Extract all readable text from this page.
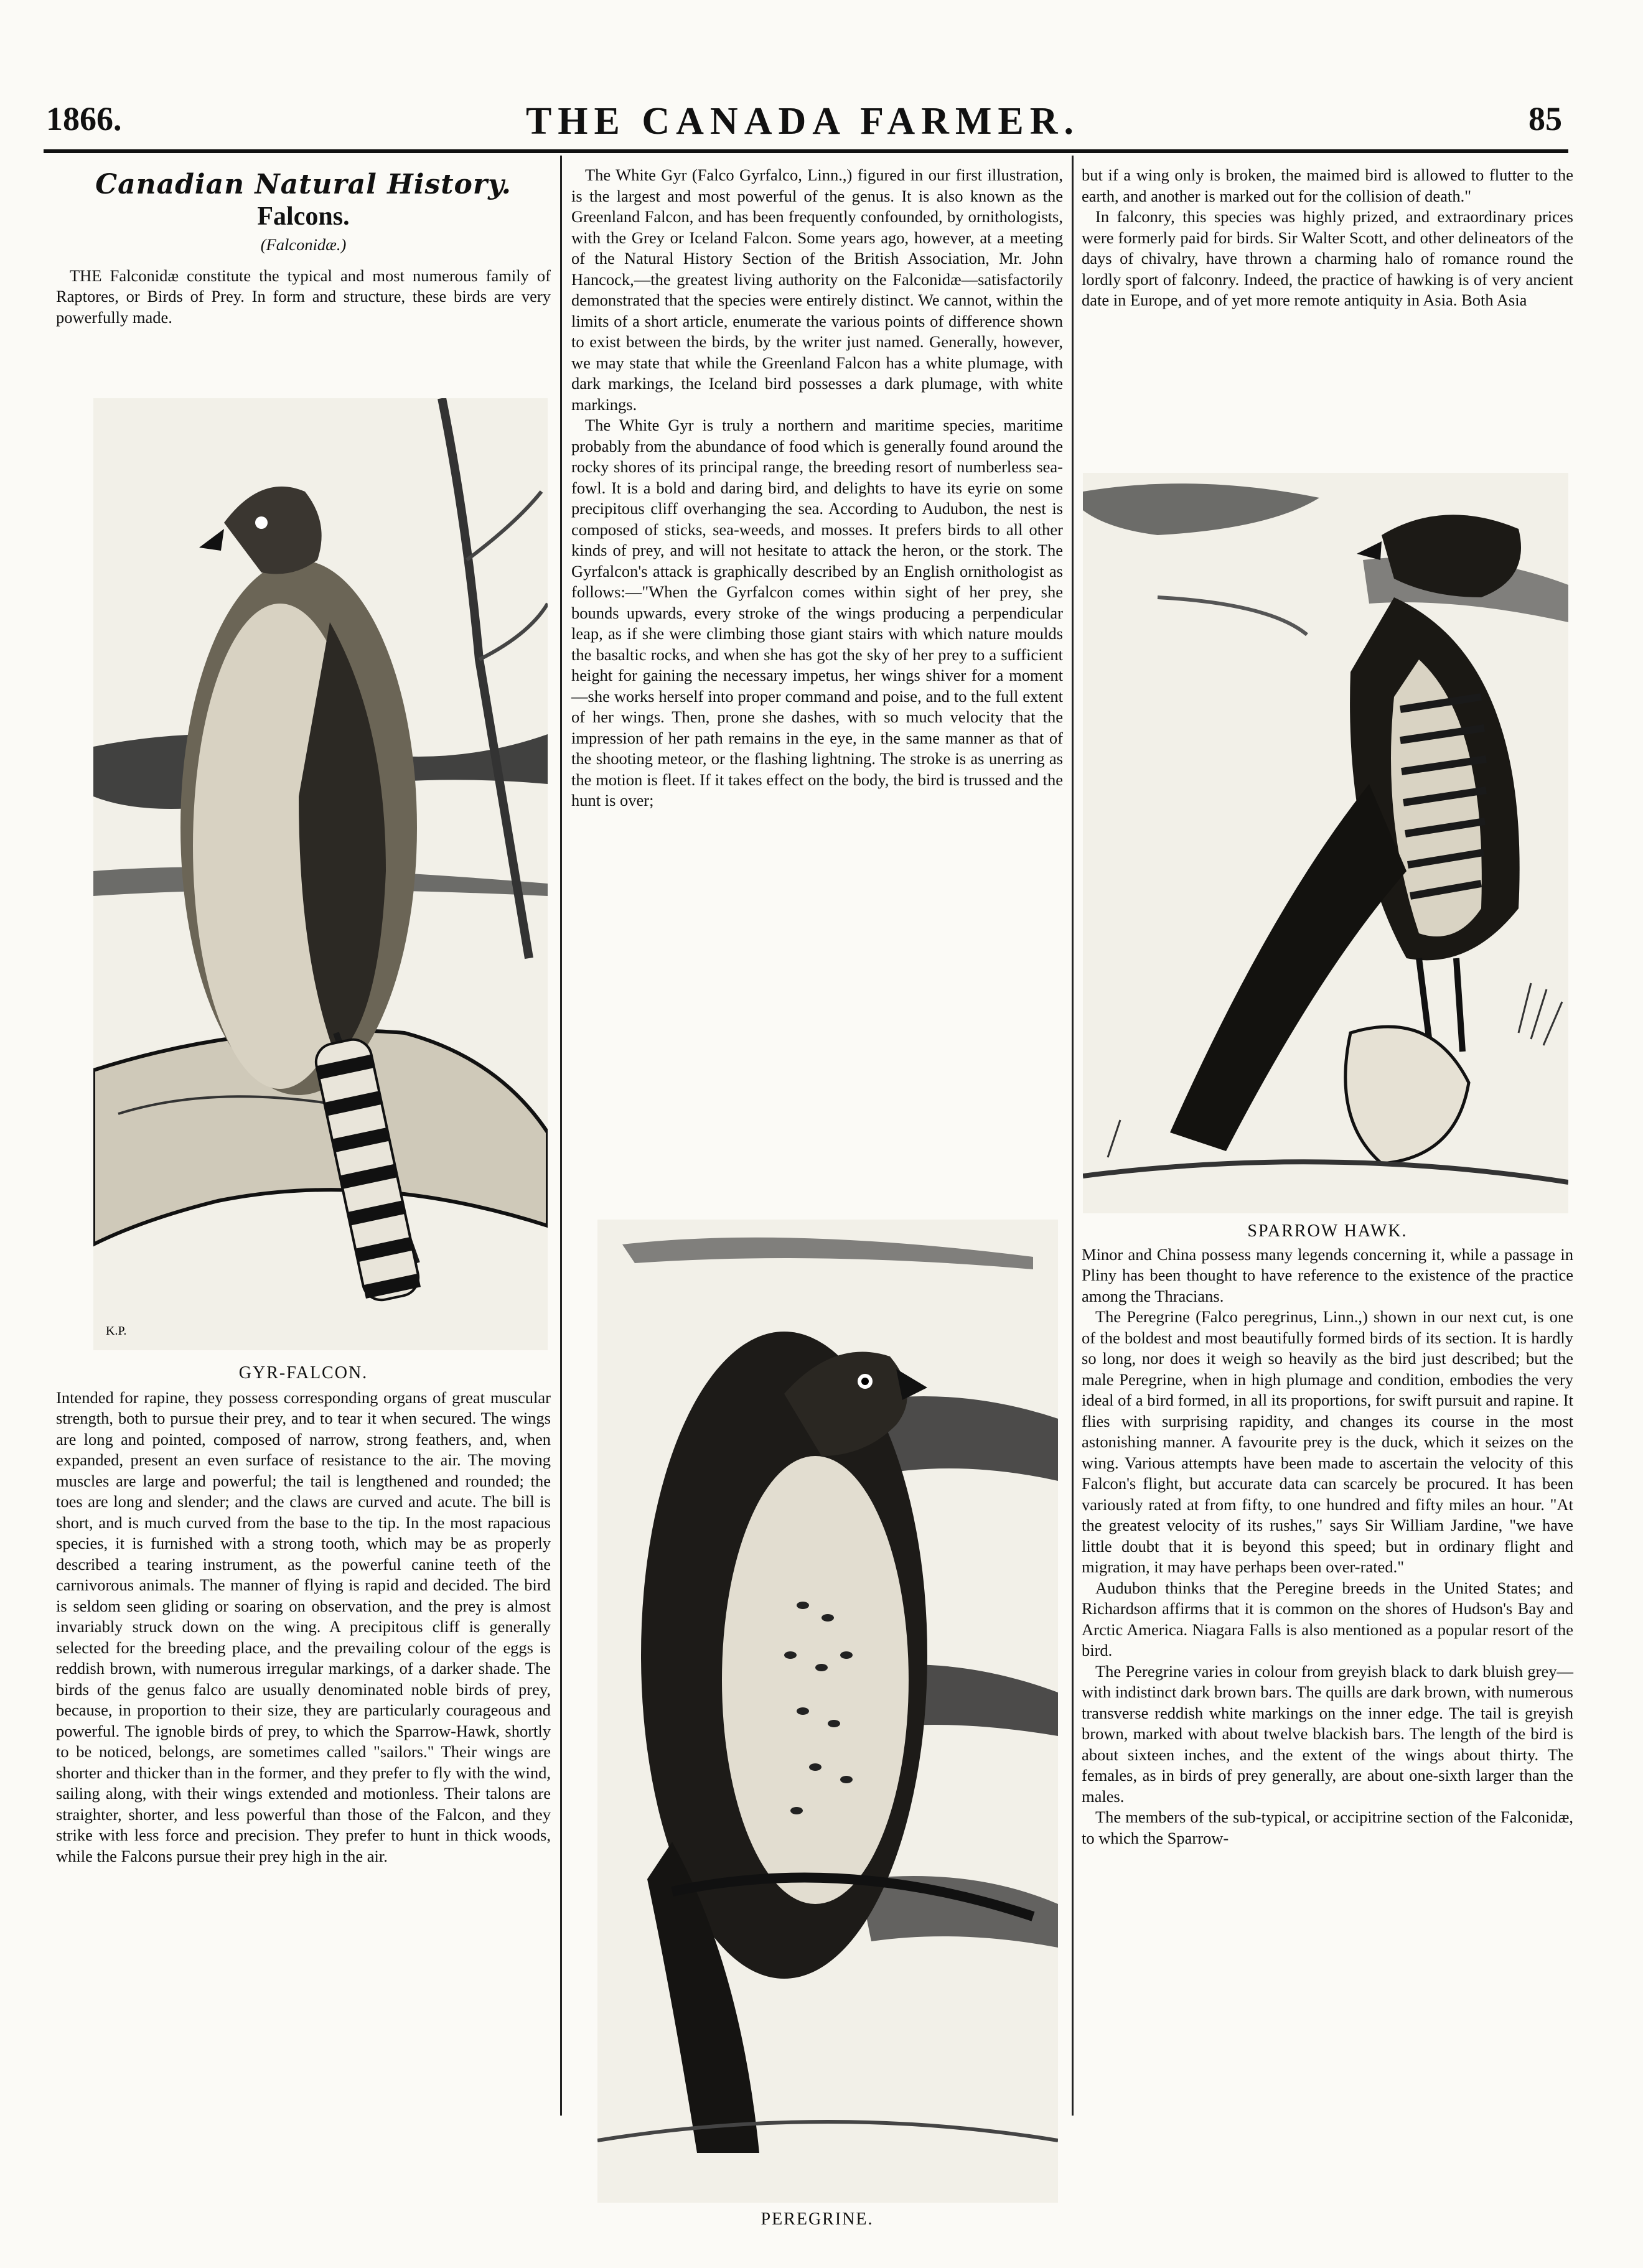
1866.	THE CANADA FARMER.	85
Canadian Natural History.
Falcons.
(Falconidæ.)

THE Falconidæ constitute the typical and most numerous family of Raptores, or Birds of Prey. In form and structure, these birds are very powerfully made.

K.P.
GYR-FALCON.

Intended for rapine, they possess corresponding organs of great muscular strength, both to pursue their prey, and to tear it when secured. The wings are long and pointed, composed of narrow, strong feathers, and, when expanded, present an even surface of resistance to the air. The moving muscles are large and powerful; the tail is lengthened and rounded; the toes are long and slender; and the claws are curved and acute. The bill is short, and is much curved from the base to the tip. In the most rapacious species, it is furnished with a strong tooth, which may be as properly described a tearing instrument, as the powerful canine teeth of the carnivorous animals. The manner of flying is rapid and decided. The bird is seldom seen gliding or soaring on observation, and the prey is almost invariably struck down on the wing. A precipitous cliff is generally selected for the breeding place, and the prevailing colour of the eggs is reddish brown, with numerous irregular markings, of a darker shade. The birds of the genus falco are usually denominated noble birds of prey, because, in proportion to their size, they are particularly courageous and powerful. The ignoble birds of prey, to which the Sparrow-Hawk, shortly to be noticed, belongs, are sometimes called "sailors." Their wings are shorter and thicker than in the former, and they prefer to fly with the wind, sailing along, with their wings extended and motionless. Their talons are straighter, shorter, and less powerful than those of the Falcon, and they strike with less force and precision. They prefer to hunt in thick woods, while the Falcons pursue their prey high in the air.

The White Gyr (Falco Gyrfalco, Linn.,) figured in our first illustration, is the largest and most powerful of the genus. It is also known as the Greenland Falcon, and has been frequently confounded, by ornithologists, with the Grey or Iceland Falcon. Some years ago, however, at a meeting of the Natural History Section of the British Association, Mr. John Hancock,—the greatest living authority on the Falconidæ—satisfactorily demonstrated that the species were entirely distinct. We cannot, within the limits of a short article, enumerate the various points of difference shown to exist between the birds, by the writer just named. Generally, however, we may state that while the Greenland Falcon has a white plumage, with dark markings, the Iceland bird possesses a dark plumage, with white markings.

The White Gyr is truly a northern and maritime species, maritime probably from the abundance of food which is generally found around the rocky shores of its principal range, the breeding resort of numberless sea-fowl. It is a bold and daring bird, and delights to have its eyrie on some precipitous cliff overhanging the sea. According to Audubon, the nest is composed of sticks, sea-weeds, and mosses. It prefers birds to all other kinds of prey, and will not hesitate to attack the heron, or the stork. The Gyrfalcon's attack is graphically described by an English ornithologist as follows:—"When the Gyrfalcon comes within sight of her prey, she bounds upwards, every stroke of the wings producing a perpendicular leap, as if she were climbing those giant stairs with which nature moulds the basaltic rocks, and when she has got the sky of her prey to a sufficient height for gaining the necessary impetus, her wings shiver for a moment—she works herself into proper command and poise, and to the full extent of her wings. Then, prone she dashes, with so much velocity that the impression of her path remains in the eye, in the same manner as that of the shooting meteor, or the flashing lightning. The stroke is as unerring as the motion is fleet. If it takes effect on the body, the bird is trussed and the hunt is over;

PEREGRINE.

but if a wing only is broken, the maimed bird is allowed to flutter to the earth, and another is marked out for the collision of death."

In falconry, this species was highly prized, and extraordinary prices were formerly paid for birds. Sir Walter Scott, and other delineators of the days of chivalry, have thrown a charming halo of romance round the lordly sport of falconry. Indeed, the practice of hawking is of very ancient date in Europe, and of yet more remote antiquity in Asia. Both Asia

SPARROW HAWK.

Minor and China possess many legends concerning it, while a passage in Pliny has been thought to have reference to the existence of the practice among the Thracians.

The Peregrine (Falco peregrinus, Linn.,) shown in our next cut, is one of the boldest and most beautifully formed birds of its section. It is hardly so long, nor does it weigh so heavily as the bird just described; but the male Peregrine, when in high plumage and condition, embodies the very ideal of a bird formed, in all its proportions, for swift pursuit and rapine. It flies with surprising rapidity, and changes its course in the most astonishing manner. A favourite prey is the duck, which it seizes on the wing. Various attempts have been made to ascertain the velocity of this Falcon's flight, but accurate data can scarcely be procured. It has been variously rated at from fifty, to one hundred and fifty miles an hour. "At the greatest velocity of its rushes," says Sir William Jardine, "we have little doubt that it is beyond this speed; but in ordinary flight and migration, it may have perhaps been over-rated."

Audubon thinks that the Peregine breeds in the United States; and Richardson affirms that it is common on the shores of Hudson's Bay and Arctic America. Niagara Falls is also mentioned as a popular resort of the bird.

The Peregrine varies in colour from greyish black to dark bluish grey—with indistinct dark brown bars. The quills are dark brown, with numerous transverse reddish white markings on the inner edge. The tail is greyish brown, marked with about twelve blackish bars. The length of the bird is about sixteen inches, and the extent of the wings about thirty. The females, as in birds of prey generally, are about one-sixth larger than the males.

The members of the sub-typical, or accipitrine section of the Falconidæ, to which the Sparrow-
